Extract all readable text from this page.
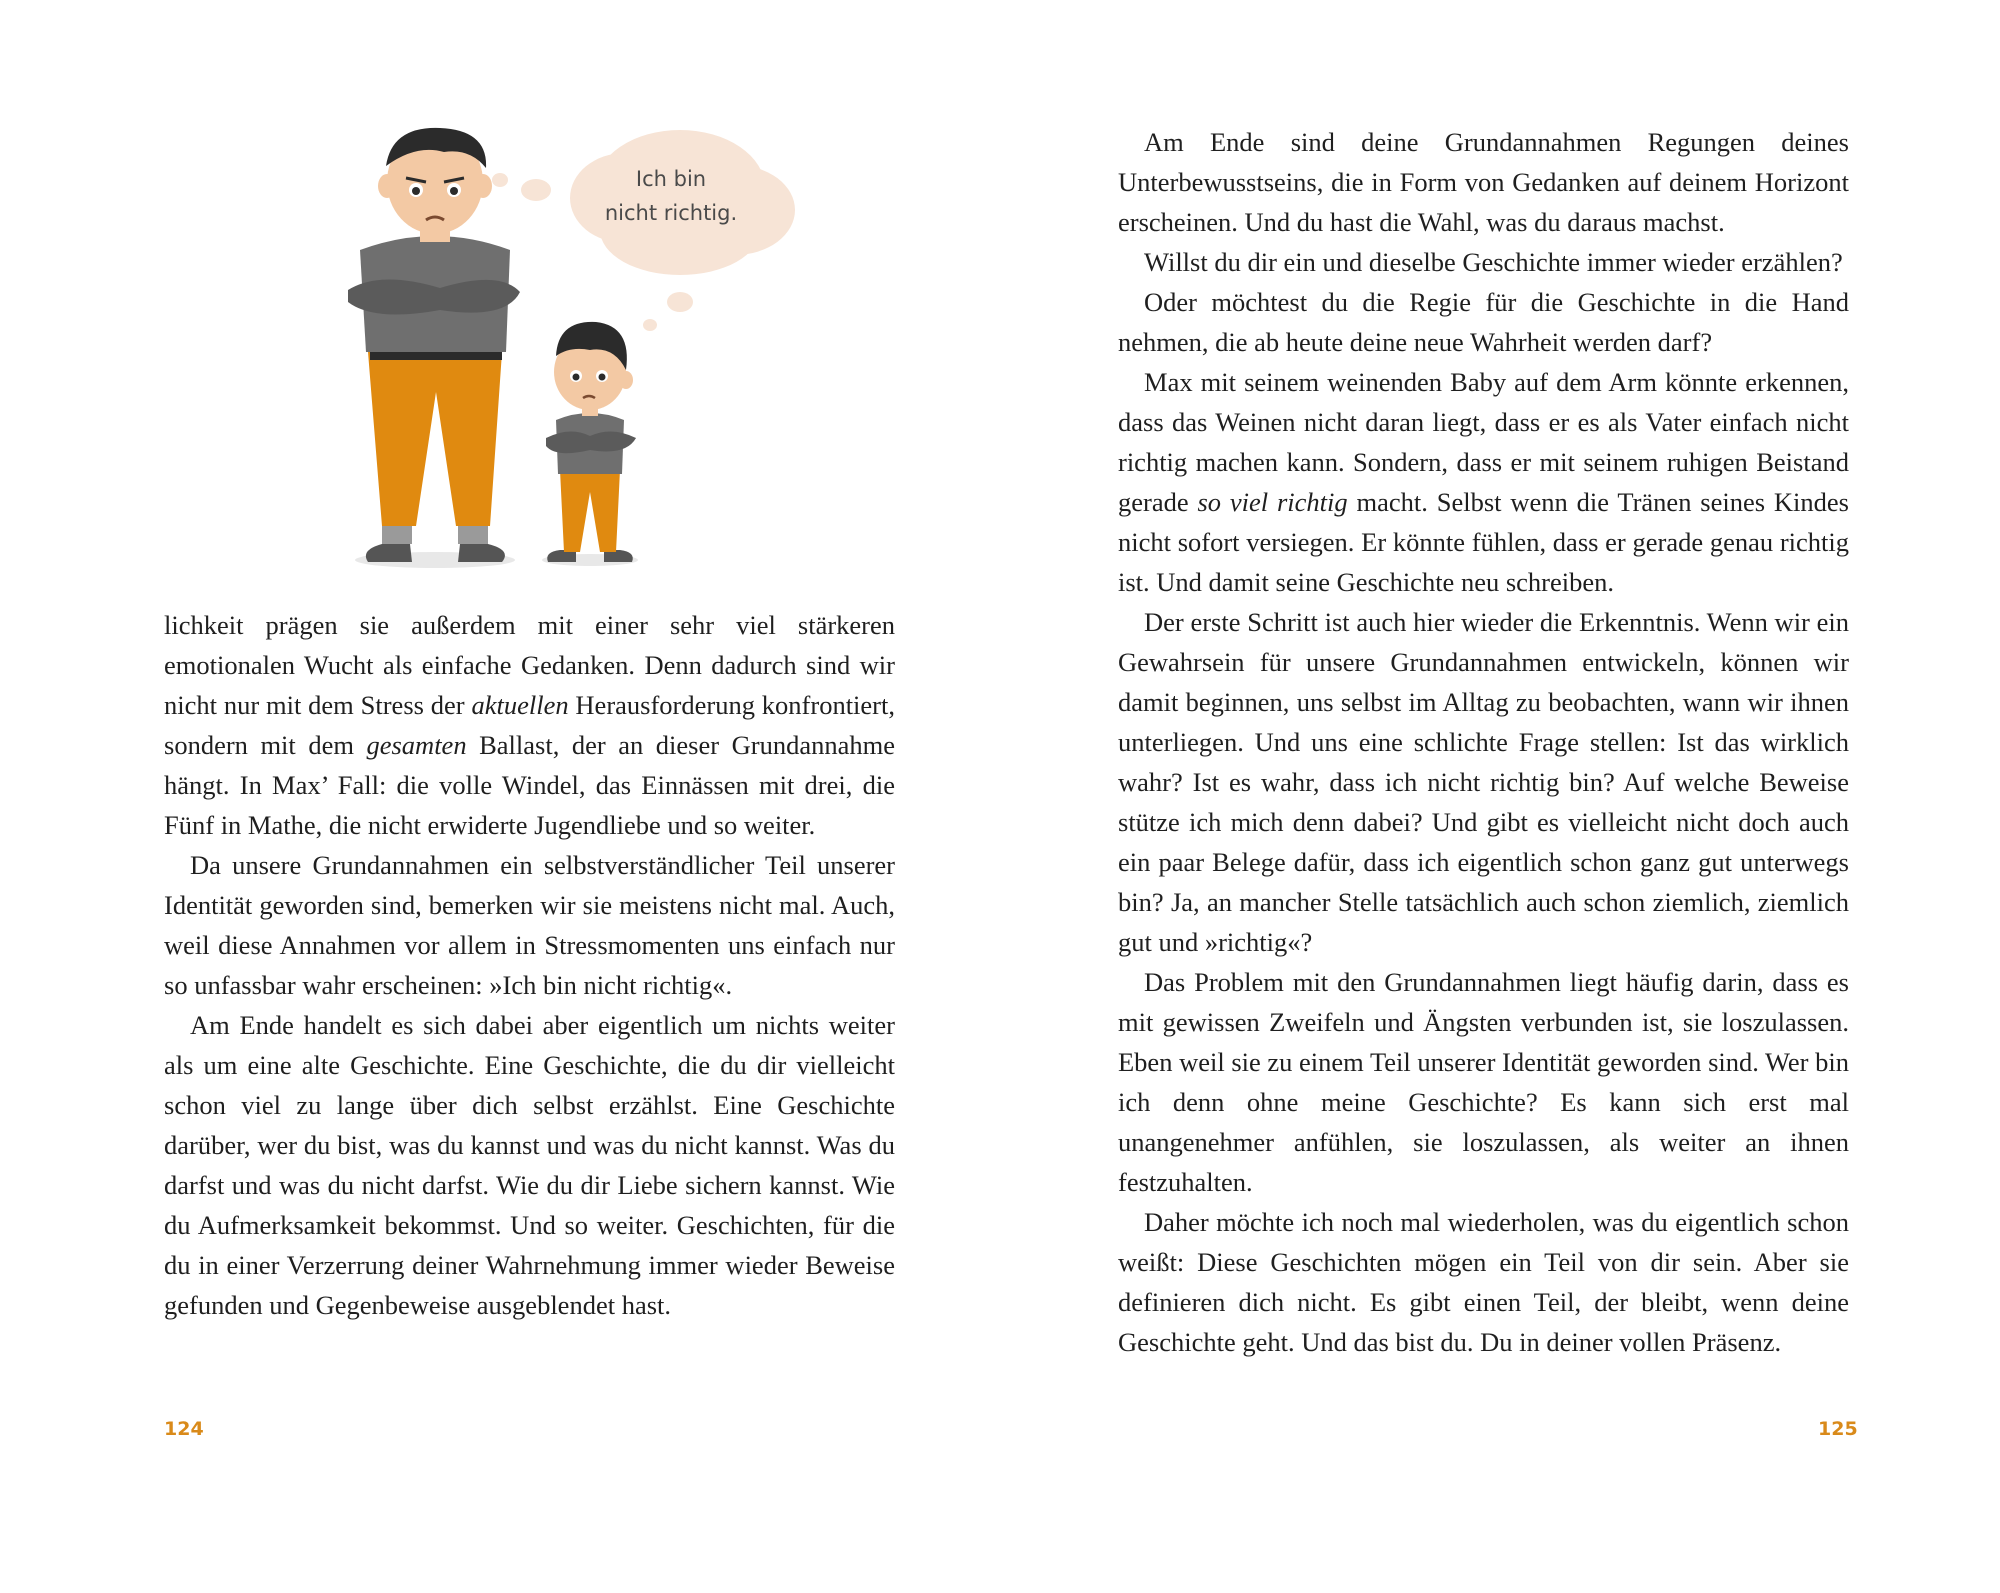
Ich bin
nicht richtig.

lichkeit prägen sie außerdem mit einer sehr viel stärkeren emotionalen Wucht als einfache Gedanken. Denn dadurch sind wir nicht nur mit dem Stress der aktuellen Herausforderung konfrontiert, sondern mit dem gesamten Ballast, der an dieser Grundannahme hängt. In Max’ Fall: die volle Windel, das Einnässen mit drei, die Fünf in Mathe, die nicht erwiderte Jugendliebe und so weiter.

Da unsere Grundannahmen ein selbstverständlicher Teil unserer Identität geworden sind, bemerken wir sie meistens nicht mal. Auch, weil diese Annahmen vor allem in Stressmomenten uns einfach nur so unfassbar wahr erscheinen: »Ich bin nicht richtig«.

Am Ende handelt es sich dabei aber eigentlich um nichts weiter als um eine alte Geschichte. Eine Geschichte, die du dir vielleicht schon viel zu lange über dich selbst erzählst. Eine Geschichte darüber, wer du bist, was du kannst und was du nicht kannst. Was du darfst und was du nicht darfst. Wie du dir Liebe sichern kannst. Wie du Aufmerksamkeit bekommst. Und so weiter. Geschichten, für die du in einer Verzerrung deiner Wahrnehmung immer wieder Beweise gefunden und Gegenbeweise ausgeblendet hast.

124

Am Ende sind deine Grundannahmen Regungen deines Unterbewusstseins, die in Form von Gedanken auf deinem Horizont erscheinen. Und du hast die Wahl, was du daraus machst.

Willst du dir ein und dieselbe Geschichte immer wieder erzählen?

Oder möchtest du die Regie für die Geschichte in die Hand nehmen, die ab heute deine neue Wahrheit werden darf?

Max mit seinem weinenden Baby auf dem Arm könnte erkennen, dass das Weinen nicht daran liegt, dass er es als Vater einfach nicht richtig machen kann. Sondern, dass er mit seinem ruhigen Beistand gerade so viel richtig macht. Selbst wenn die Tränen seines Kindes nicht sofort versiegen. Er könnte fühlen, dass er gerade genau richtig ist. Und damit seine Geschichte neu schreiben.

Der erste Schritt ist auch hier wieder die Erkenntnis. Wenn wir ein Gewahrsein für unsere Grundannahmen entwickeln, können wir damit beginnen, uns selbst im Alltag zu beobachten, wann wir ihnen unterliegen. Und uns eine schlichte Frage stellen: Ist das wirklich wahr? Ist es wahr, dass ich nicht richtig bin? Auf welche Beweise stütze ich mich denn dabei? Und gibt es vielleicht nicht doch auch ein paar Belege dafür, dass ich eigentlich schon ganz gut unterwegs bin? Ja, an mancher Stelle tatsächlich auch schon ziemlich, ziemlich gut und »richtig«?

Das Problem mit den Grundannahmen liegt häufig darin, dass es mit gewissen Zweifeln und Ängsten verbunden ist, sie loszulassen. Eben weil sie zu einem Teil unserer Identität geworden sind. Wer bin ich denn ohne meine Geschichte? Es kann sich erst mal unangenehmer anfühlen, sie loszulassen, als weiter an ihnen festzuhalten.

Daher möchte ich noch mal wiederholen, was du eigentlich schon weißt: Diese Geschichten mögen ein Teil von dir sein. Aber sie definieren dich nicht. Es gibt einen Teil, der bleibt, wenn deine Geschichte geht. Und das bist du. Du in deiner vollen Präsenz.

125
